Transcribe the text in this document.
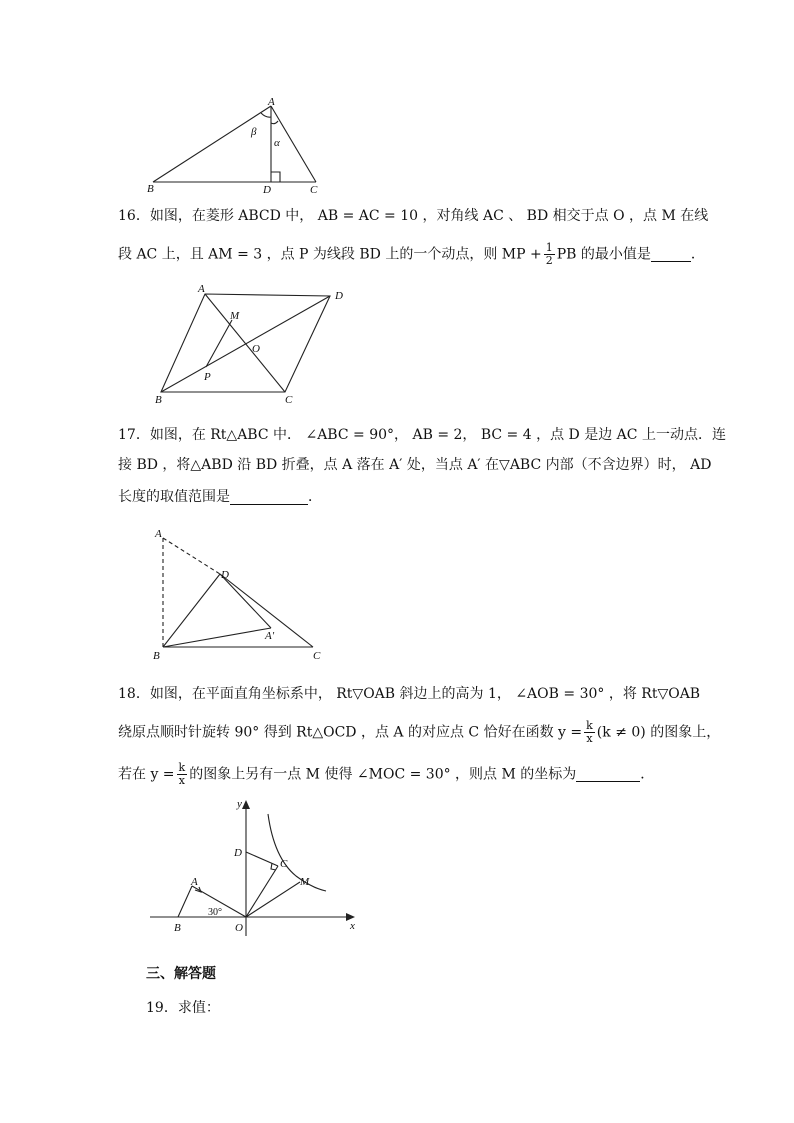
A
B	C
D
β
α
16．如图，在菱形 ABCD 中， AB = AC = 10 ，对角线 AC 、 BD 相交于点 O ，点 M 在线
段 AC 上，且 AM = 3 ，点 P 为线段 BD 上的一个动点，则 MP + $\frac{1}{2}$ PB 的最小值是	．
A
D
B	C
M
O
P
17．如图，在 Rt△ABC 中． ∠ABC = 90°， AB = 2， BC = 4 ，点 D 是边 AC 上一动点．连
接 BD ，将△ABD 沿 BD 折叠，点 A 落在 A′ 处，当点 A′ 在▽ABC 内部（不含边界）时， AD
长度的取值范围是	．
A
D
B	C
A′
18．如图，在平面直角坐标系中， Rt▽OAB 斜边上的高为 1， ∠AOB = 30° ，将 Rt▽OAB
绕原点顺时针旋转 90° 得到 Rt△OCD ，点 A 的对应点 C 恰好在函数 $y = \frac{k}{x} (k \ne 0)$ 的图象上，
若在 $y = \frac{k}{x}$ 的图象上另有一点 M 使得 ∠MOC = 30° ，则点 M 的坐标为	．
y
x
D
C
M
A
B	O
30°
三、解答题
19．求值：
